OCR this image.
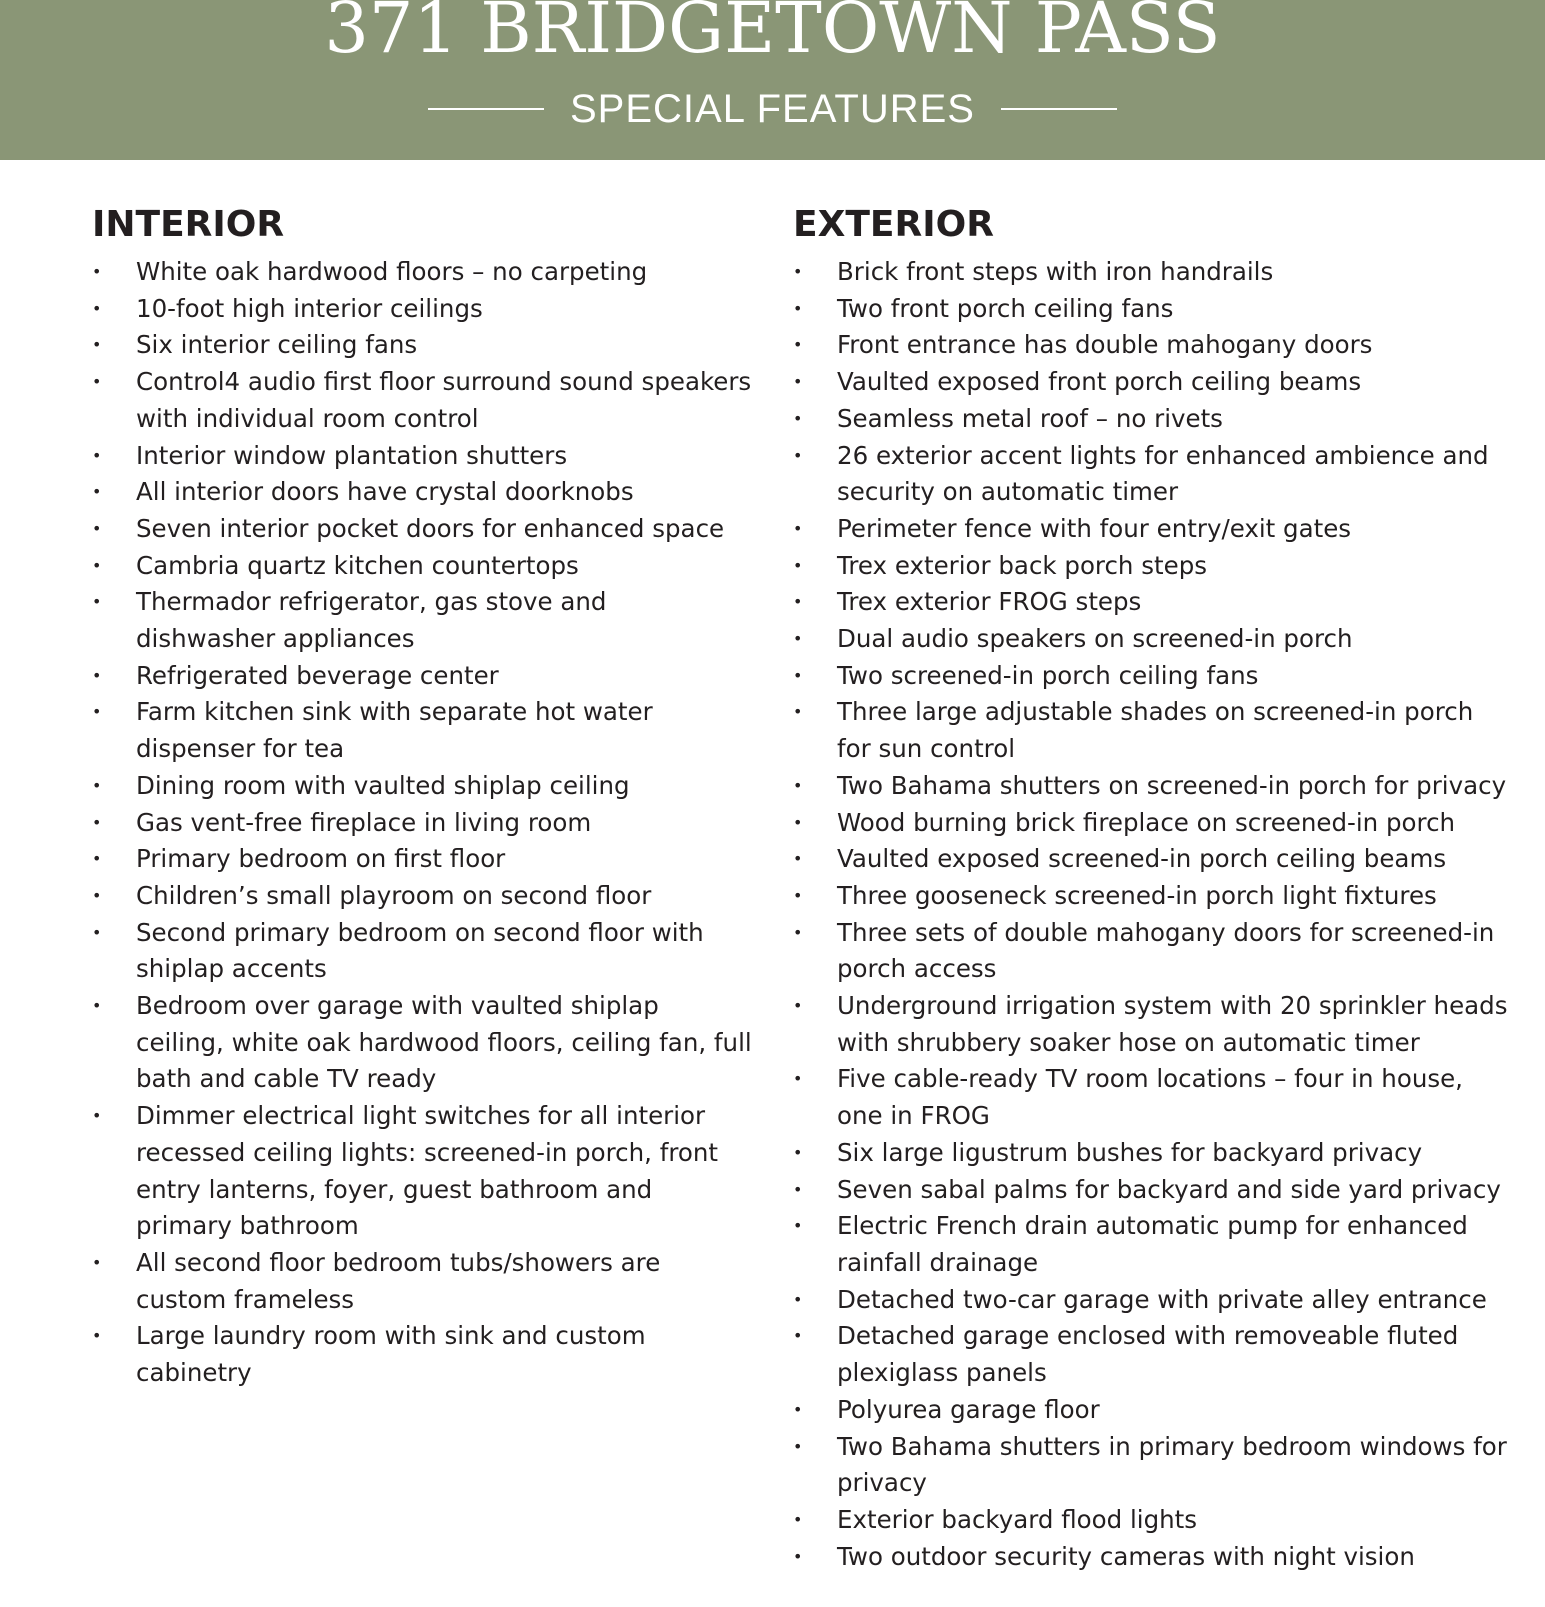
371 BRIDGETOWN PASS
SPECIAL FEATURES
INTERIOR
• White oak hardwood floors – no carpeting
• 10-foot high interior ceilings
• Six interior ceiling fans
• Control4 audio first floor surround sound speakers with individual room control
• Interior window plantation shutters
• All interior doors have crystal doorknobs
• Seven interior pocket doors for enhanced space
• Cambria quartz kitchen countertops
• Thermador refrigerator, gas stove and dishwasher appliances
• Refrigerated beverage center
• Farm kitchen sink with separate hot water dispenser for tea
• Dining room with vaulted shiplap ceiling
• Gas vent-free fireplace in living room
• Primary bedroom on first floor
• Children’s small playroom on second floor
• Second primary bedroom on second floor with shiplap accents
• Bedroom over garage with vaulted shiplap ceiling, white oak hardwood floors, ceiling fan, full bath and cable TV ready
• Dimmer electrical light switches for all interior recessed ceiling lights: screened-in porch, front entry lanterns, foyer, guest bathroom and primary bathroom
• All second floor bedroom tubs/showers are custom frameless
• Large laundry room with sink and custom cabinetry
EXTERIOR
• Brick front steps with iron handrails
• Two front porch ceiling fans
• Front entrance has double mahogany doors
• Vaulted exposed front porch ceiling beams
• Seamless metal roof – no rivets
• 26 exterior accent lights for enhanced ambience and security on automatic timer
• Perimeter fence with four entry/exit gates
• Trex exterior back porch steps
• Trex exterior FROG steps
• Dual audio speakers on screened-in porch
• Two screened-in porch ceiling fans
• Three large adjustable shades on screened-in porch for sun control
• Two Bahama shutters on screened-in porch for privacy
• Wood burning brick fireplace on screened-in porch
• Vaulted exposed screened-in porch ceiling beams
• Three gooseneck screened-in porch light fixtures
• Three sets of double mahogany doors for screened-in porch access
• Underground irrigation system with 20 sprinkler heads with shrubbery soaker hose on automatic timer
• Five cable-ready TV room locations – four in house, one in FROG
• Six large ligustrum bushes for backyard privacy
• Seven sabal palms for backyard and side yard privacy
• Electric French drain automatic pump for enhanced rainfall drainage
• Detached two-car garage with private alley entrance
• Detached garage enclosed with removeable fluted plexiglass panels
• Polyurea garage floor
• Two Bahama shutters in primary bedroom windows for privacy
• Exterior backyard flood lights
• Two outdoor security cameras with night vision
